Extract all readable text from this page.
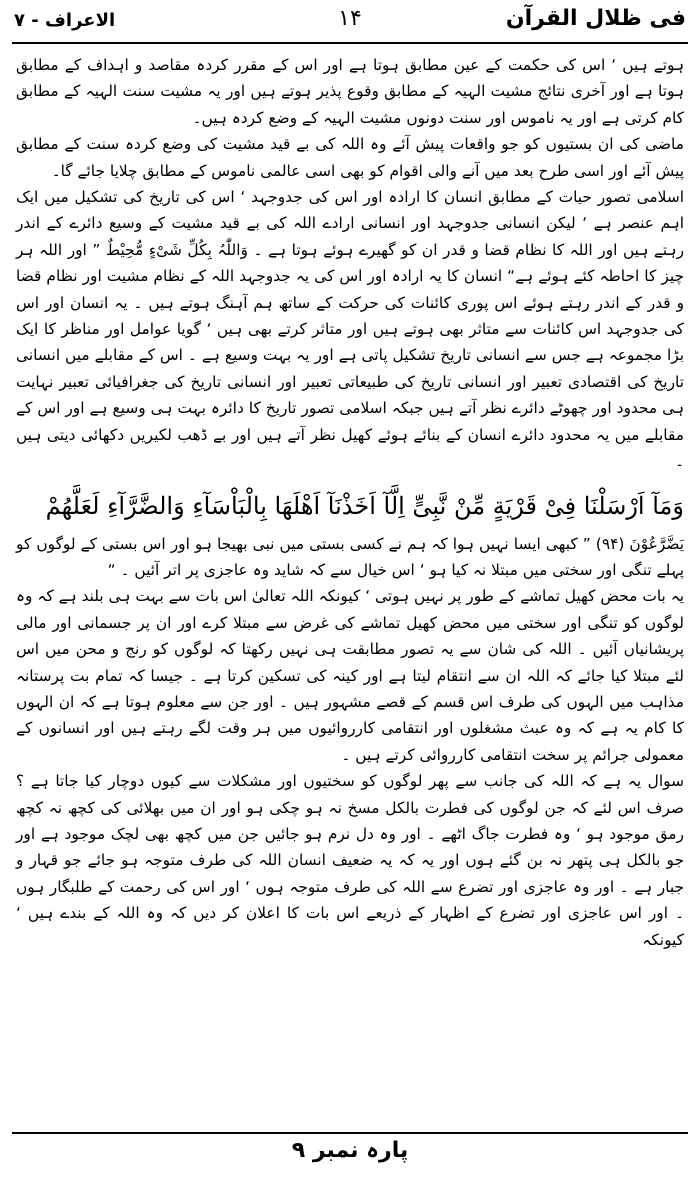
فی ظلال القرآن
۱۴
الاعراف - ۷

ہوتے ہیں ‘ اس کی حکمت کے عین مطابق ہوتا ہے اور اس کے مقرر کردہ مقاصد و اہداف کے مطابق ہوتا ہے اور آخری نتائج مشیت الہیہ کے مطابق وقوع پذیر ہوتے ہیں اور یہ مشیت سنت الہیہ کے مطابق کام کرتی ہے اور یہ ناموس اور سنت دونوں مشیت الہیہ کے وضع کردہ ہیں۔

ماضی کی ان بستیوں کو جو واقعات پیش آئے وہ اللہ کی بے قید مشیت کی وضع کردہ سنت کے مطابق پیش آئے اور اسی طرح بعد میں آنے والی اقوام کو بھی اسی عالمی ناموس کے مطابق چلایا جائے گا۔

اسلامی تصور حیات کے مطابق انسان کا ارادہ اور اس کی جدوجہد ‘ اس کی تاریخ کی تشکیل میں ایک اہم عنصر ہے ‘ لیکن انسانی جدوجہد اور انسانی ارادے اللہ کی بے قید مشیت کے وسیع دائرے کے اندر رہتے ہیں اور اللہ کا نظام قضا و قدر ان کو گھیرے ہوئے ہوتا ہے ۔ وَاللّٰہُ بِکُلِّ شَیْءٍ مُّحِیْطٌ ” اور اللہ ہر چیز کا احاطہ کئے ہوئے ہے“ انسان کا یہ ارادہ اور اس کی یہ جدوجہد اللہ کے نظام مشیت اور نظام قضا و قدر کے اندر رہتے ہوئے اس پوری کائنات کی حرکت کے ساتھ ہم آہنگ ہوتے ہیں ۔ یہ انسان اور اس کی جدوجہد اس کائنات سے متاثر بھی ہوتے ہیں اور متاثر کرتے بھی ہیں ‘ گویا عوامل اور مناظر کا ایک بڑا مجموعہ ہے جس سے انسانی تاریخ تشکیل پاتی ہے اور یہ بہت وسیع ہے ۔ اس کے مقابلے میں انسانی تاریخ کی اقتصادی تعبیر اور انسانی تاریخ کی طبیعاتی تعبیر اور انسانی تاریخ کی جغرافیائی تعبیر نہایت ہی محدود اور چھوٹے دائرے نظر آتے ہیں جبکہ اسلامی تصور تاریخ کا دائرہ بہت ہی وسیع ہے اور اس کے مقابلے میں یہ محدود دائرے انسان کے بنائے ہوئے کھیل نظر آتے ہیں اور بے ڈھب لکیریں دکھائی دیتی ہیں ۔

وَمَآ اَرْسَلْنَا فِیْ قَرْیَةٍ مِّنْ نَّبِیٍّ اِلَّآ اَخَذْنَآ اَھْلَھَا بِالْبَاْسَآءِ وَالضَّرَّآءِ لَعَلَّھُمْ

یَضَّرَّعُوْنَ (۹۴) ” کبھی ایسا نہیں ہوا کہ ہم نے کسی بستی میں نبی بھیجا ہو اور اس بستی کے لوگوں کو پہلے تنگی اور سختی میں مبتلا نہ کیا ہو ‘ اس خیال سے کہ شاید وہ عاجزی پر اتر آئیں ۔ “

یہ بات محض کھیل تماشے کے طور پر نہیں ہوتی ‘ کیونکہ اللہ تعالیٰ اس بات سے بہت ہی بلند ہے کہ وہ لوگوں کو تنگی اور سختی میں محض کھیل تماشے کی غرض سے مبتلا کرے اور ان پر جسمانی اور مالی پریشانیاں آئیں ۔ اللہ کی شان سے یہ تصور مطابقت ہی نہیں رکھتا کہ لوگوں کو رنج و محن میں اس لئے مبتلا کیا جائے کہ اللہ ان سے انتقام لیتا ہے اور کینہ کی تسکین کرتا ہے ۔ جیسا کہ تمام بت پرستانہ مذاہب میں الہوں کی طرف اس قسم کے قصے مشہور ہیں ۔ اور جن سے معلوم ہوتا ہے کہ ان الہوں کا کام یہ ہے کہ وہ عبث مشغلوں اور انتقامی کارروائیوں میں ہر وقت لگے رہتے ہیں اور انسانوں کے معمولی جرائم پر سخت انتقامی کارروائی کرتے ہیں ۔

سوال یہ ہے کہ اللہ کی جانب سے پھر لوگوں کو سختیوں اور مشکلات سے کیوں دوچار کیا جاتا ہے ؟ صرف اس لئے کہ جن لوگوں کی فطرت بالکل مسخ نہ ہو چکی ہو اور ان میں بھلائی کی کچھ نہ کچھ رمق موجود ہو ‘ وہ فطرت جاگ اٹھے ۔ اور وہ دل نرم ہو جائیں جن میں کچھ بھی لچک موجود ہے اور جو بالکل ہی پتھر نہ بن گئے ہوں اور یہ کہ یہ ضعیف انسان اللہ کی طرف متوجہ ہو جائے جو قہار و جبار ہے ۔ اور وہ عاجزی اور تضرع سے اللہ کی طرف متوجہ ہوں ‘ اور اس کی رحمت کے طلبگار ہوں ۔ اور اس عاجزی اور تضرع کے اظہار کے ذریعے اس بات کا اعلان کر دیں کہ وہ اللہ کے بندے ہیں ‘ کیونکہ

پارہ نمبر ۹
